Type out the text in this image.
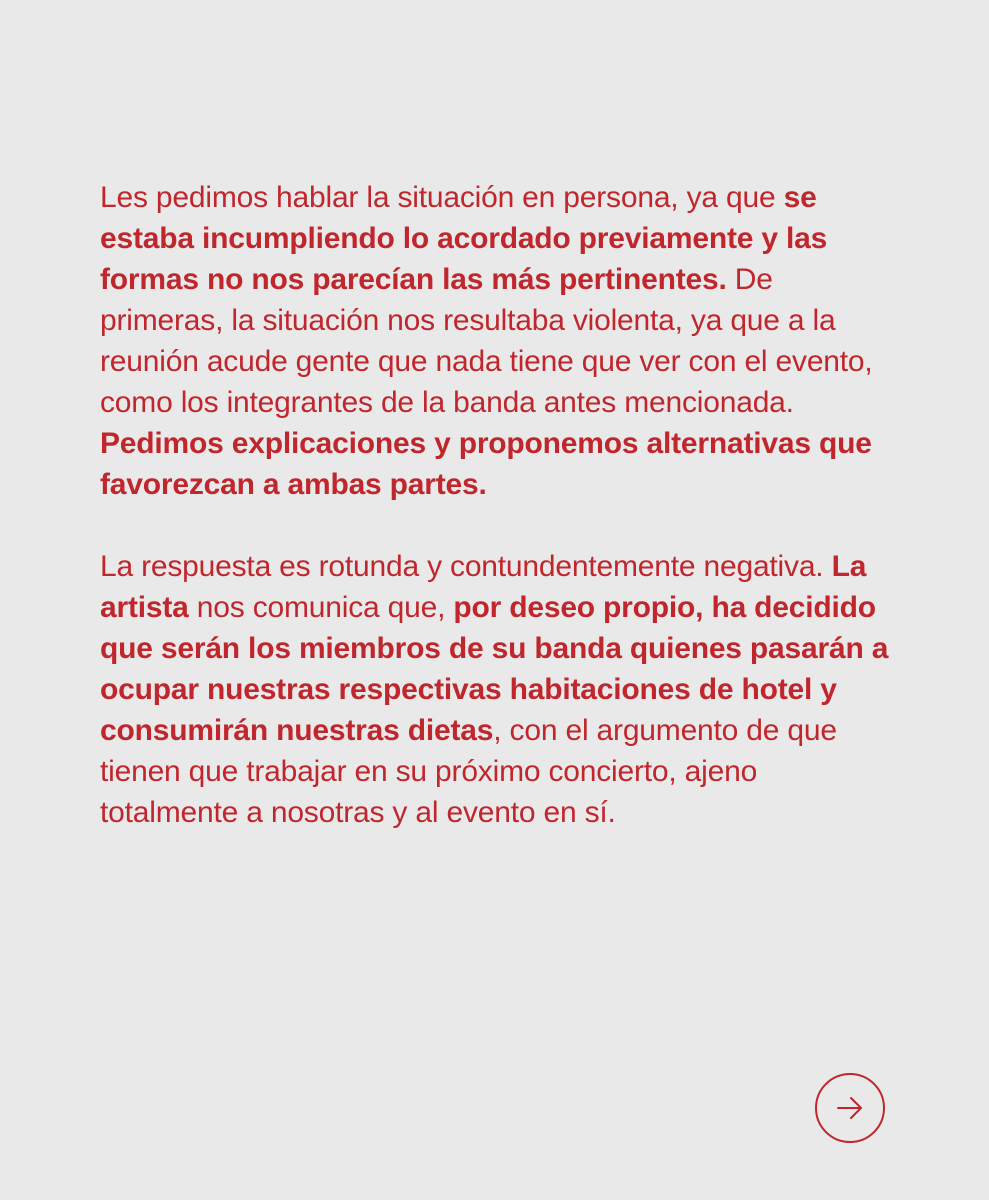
Les pedimos hablar la situación en persona, ya que se estaba incumpliendo lo acordado previamente y las formas no nos parecían las más pertinentes. De primeras, la situación nos resultaba violenta, ya que a la reunión acude gente que nada tiene que ver con el evento, como los integrantes de la banda antes mencionada. Pedimos explicaciones y proponemos alternativas que favorezcan a ambas partes.

La respuesta es rotunda y contundentemente negativa. La artista nos comunica que, por deseo propio, ha decidido que serán los miembros de su banda quienes pasarán a ocupar nuestras respectivas habitaciones de hotel y consumirán nuestras dietas, con el argumento de que tienen que trabajar en su próximo concierto, ajeno totalmente a nosotras y al evento en sí.
